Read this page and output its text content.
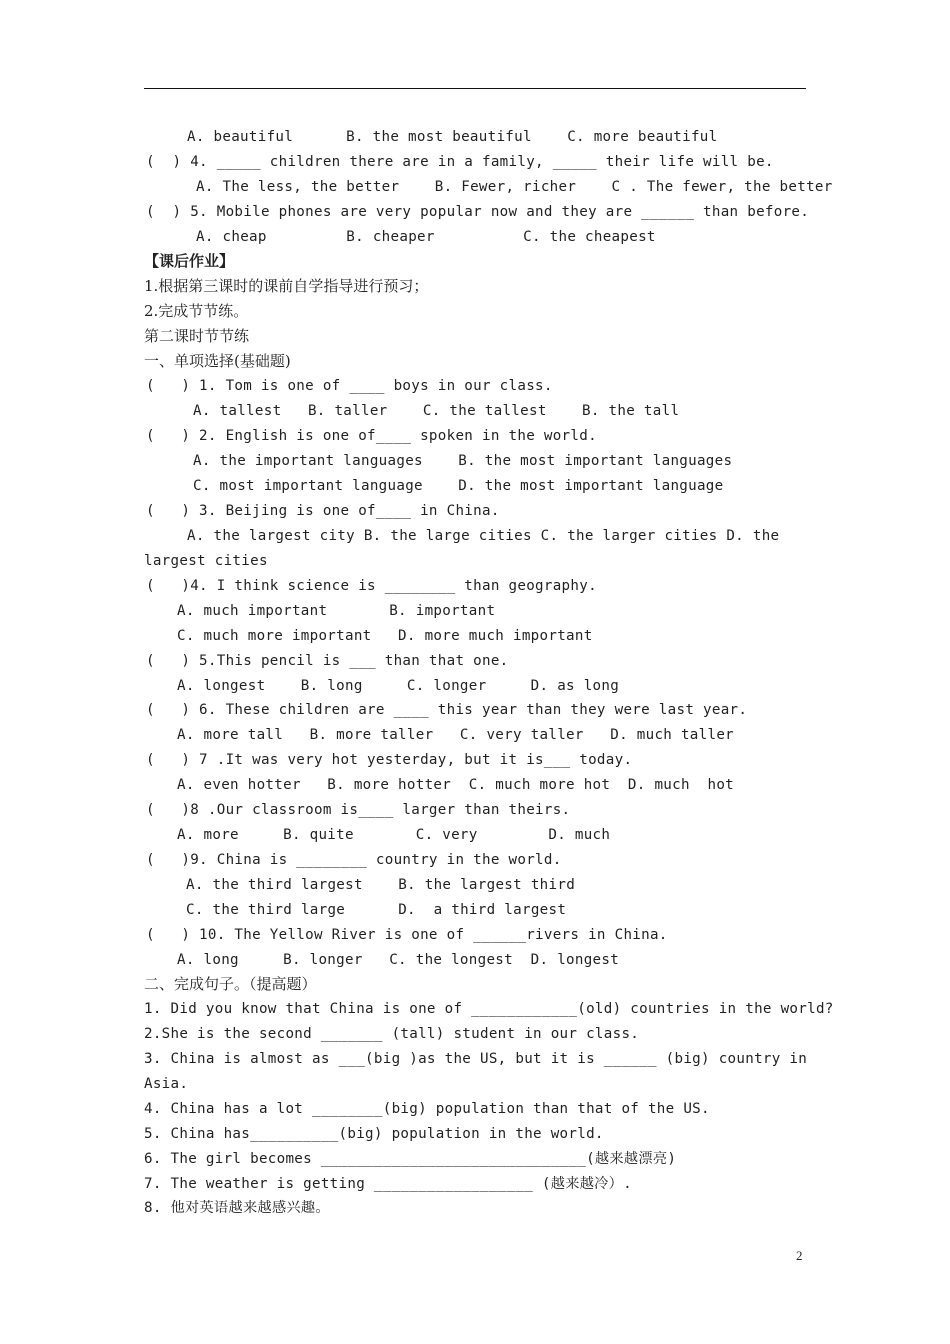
A. beautiful      B. the most beautiful    C. more beautiful
(  ) 4. _____ children there are in a family, _____ their life will be.
A. The less, the better    B. Fewer, richer    C . The fewer, the better
(  ) 5. Mobile phones are very popular now and they are ______ than before.
A. cheap         B. cheaper          C. the cheapest
【课后作业】
1.根据第三课时的课前自学指导进行预习；
2.完成节节练。
第二课时节节练
一、单项选择(基础题)
(   ) 1. Tom is one of ____ boys in our class.
A. tallest   B. taller    C. the tallest    B. the tall
(   ) 2. English is one of____ spoken in the world.
A. the important languages    B. the most important languages
C. most important language    D. the most important language
(   ) 3. Beijing is one of____ in China.
A. the largest city B. the large cities C. the larger cities D. the
largest cities
(   )4. I think science is ________ than geography.
A. much important       B. important
C. much more important   D. more much important
(   ) 5.This pencil is ___ than that one.
A. longest    B. long     C. longer     D. as long
(   ) 6. These children are ____ this year than they were last year.
A. more tall   B. more taller   C. very taller   D. much taller
(   ) 7 .It was very hot yesterday, but it is___ today.
A. even hotter   B. more hotter  C. much more hot  D. much  hot
(   )8 .Our classroom is____ larger than theirs.
A. more     B. quite       C. very        D. much
(   )9. China is ________ country in the world.
A. the third largest    B. the largest third
C. the third large      D.  a third largest
(   ) 10. The Yellow River is one of ______rivers in China.
A. long     B. longer   C. the longest  D. longest
二、完成句子。（提高题）
1. Did you know that China is one of ____________(old) countries in the world?
2.She is the second _______ (tall) student in our class.
3. China is almost as ___(big )as the US, but it is ______ (big) country in
Asia.
4. China has a lot ________(big) population than that of the US.
5. China has__________(big) population in the world.
6. The girl becomes ______________________________(越来越漂亮)
7. The weather is getting __________________ (越来越冷）.
8. 他对英语越来越感兴趣。
2
